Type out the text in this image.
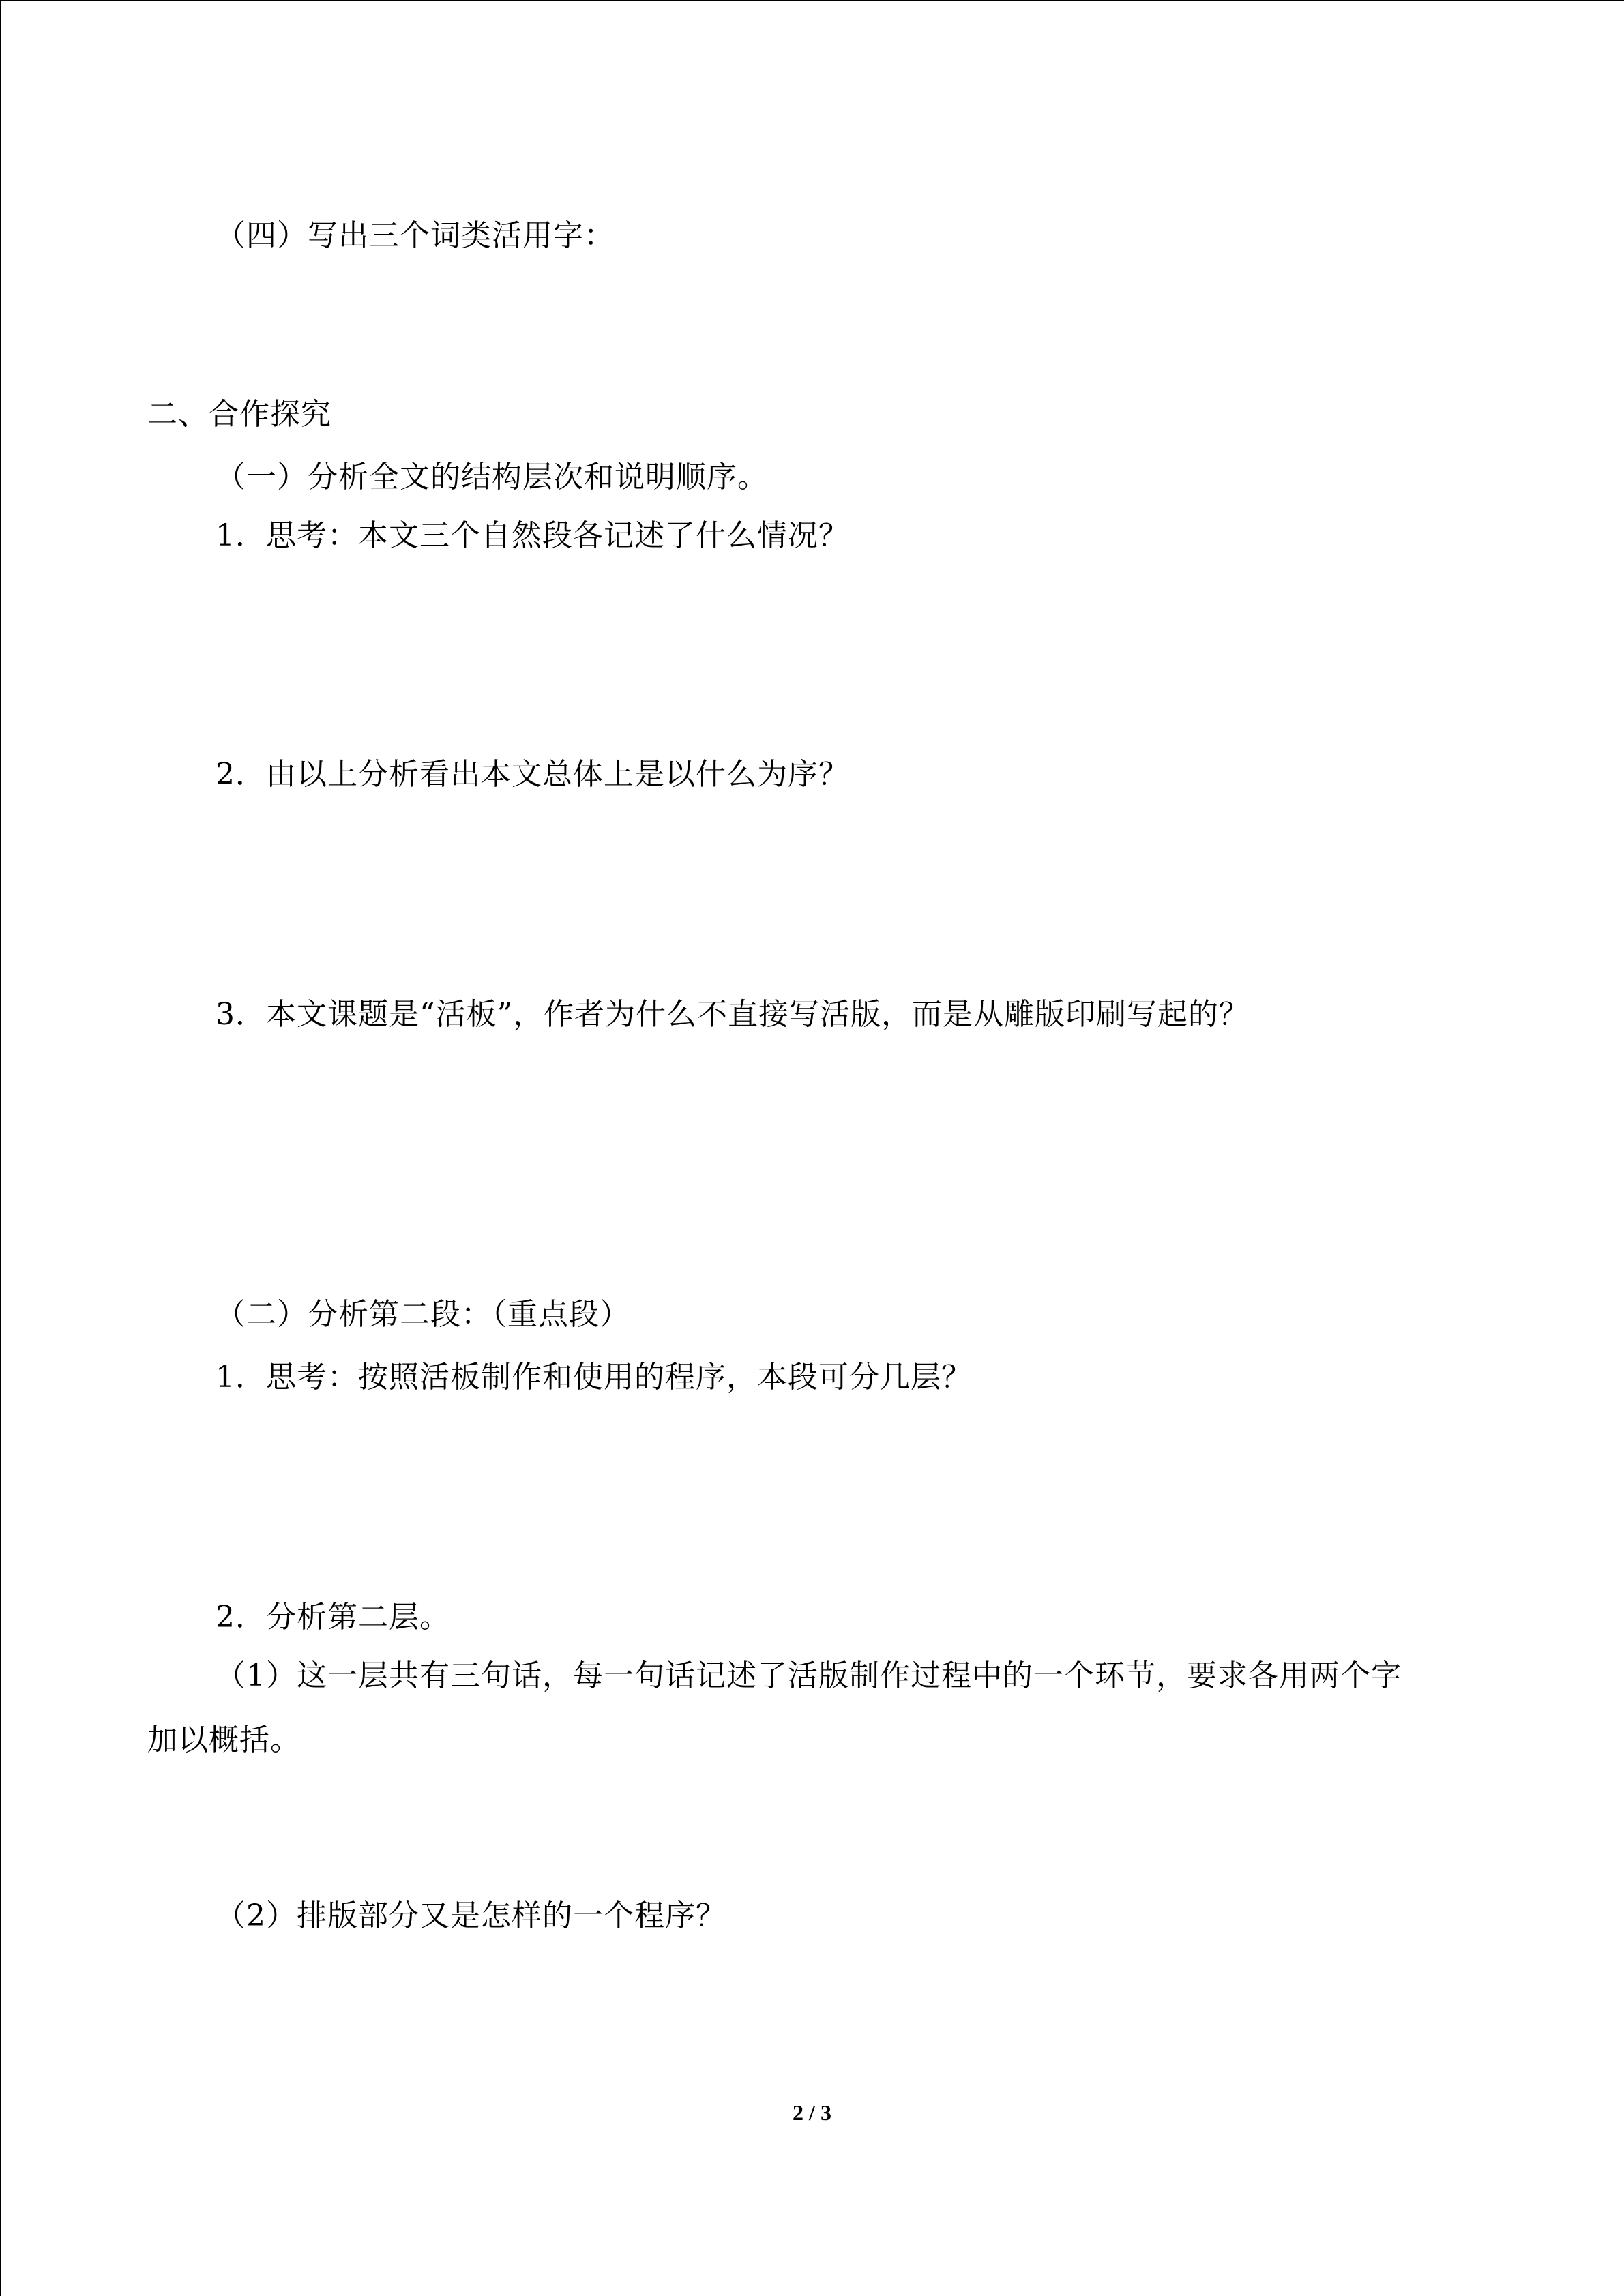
（四）写出三个词类活用字：
二、合作探究
（一）分析全文的结构层次和说明顺序。
1．思考：本文三个自然段各记述了什么情况？
2．由以上分析看出本文总体上是以什么为序？
3．本文课题是“活板”，作者为什么不直接写活版，而是从雕版印刷写起的？
（二）分析第二段：（重点段）
1．思考：按照活板制作和使用的程序，本段可分几层？
2．分析第二层。
（1）这一层共有三句话，每一句话记述了活版制作过程中的一个环节，要求各用两个字
加以概括。
（2）排版部分又是怎样的一个程序？
2 / 3
